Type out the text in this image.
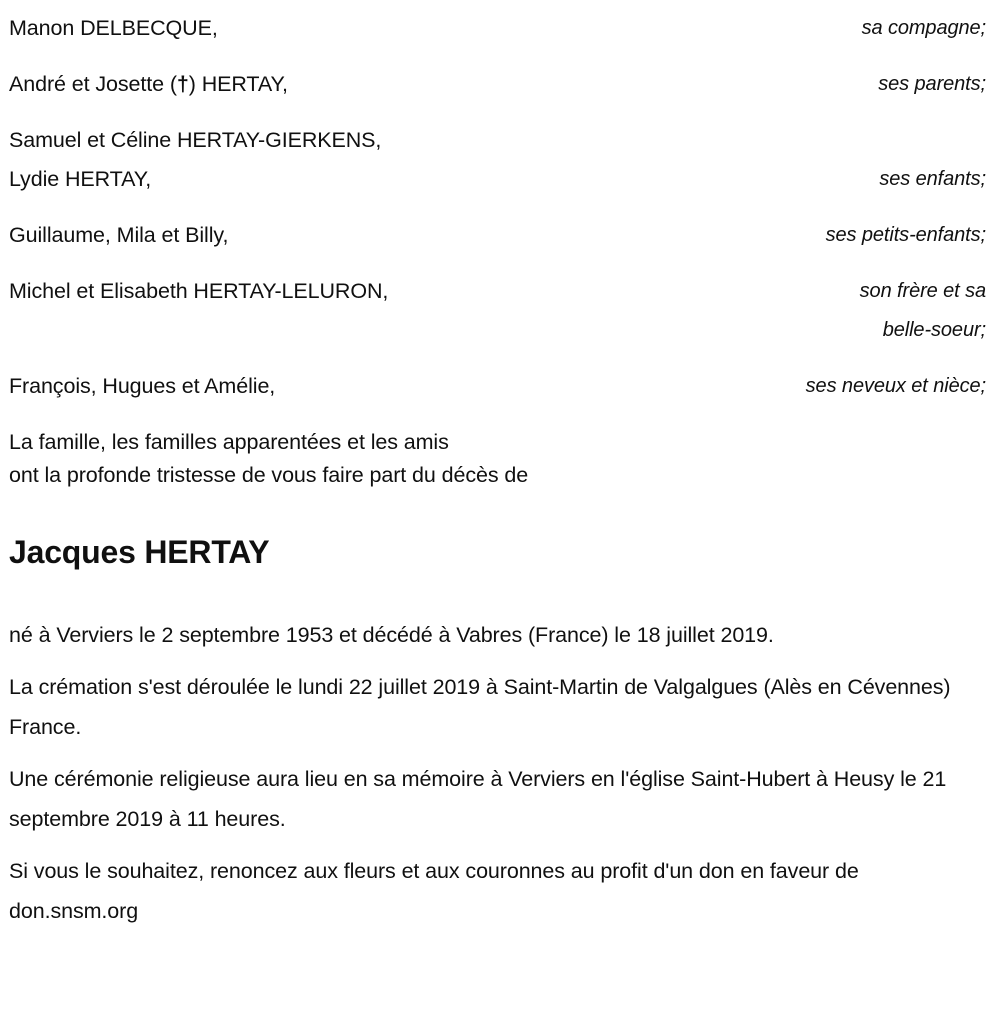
Manon DELBECQUE,	sa compagne;
André et Josette (†) HERTAY,	ses parents;
Samuel et Céline HERTAY-GIERKENS,
Lydie HERTAY,	ses enfants;
Guillaume, Mila et Billy,	ses petits-enfants;
Michel et Elisabeth HERTAY-LELURON,	son frère et sa
belle-soeur;
François, Hugues et Amélie,	ses neveux et nièce;
La famille, les familles apparentées et les amis
ont la profonde tristesse de vous faire part du décès de
Jacques HERTAY

né à Verviers le 2 septembre 1953 et décédé à Vabres (France) le 18 juillet 2019.

La crémation s'est déroulée le lundi 22 juillet 2019 à Saint-Martin de Valgalgues (Alès en Cévennes) France.

Une cérémonie religieuse aura lieu en sa mémoire à Verviers en l'église Saint-Hubert à Heusy le 21 septembre 2019 à 11 heures.

Si vous le souhaitez, renoncez aux fleurs et aux couronnes au profit d'un don en faveur de don.snsm.org
